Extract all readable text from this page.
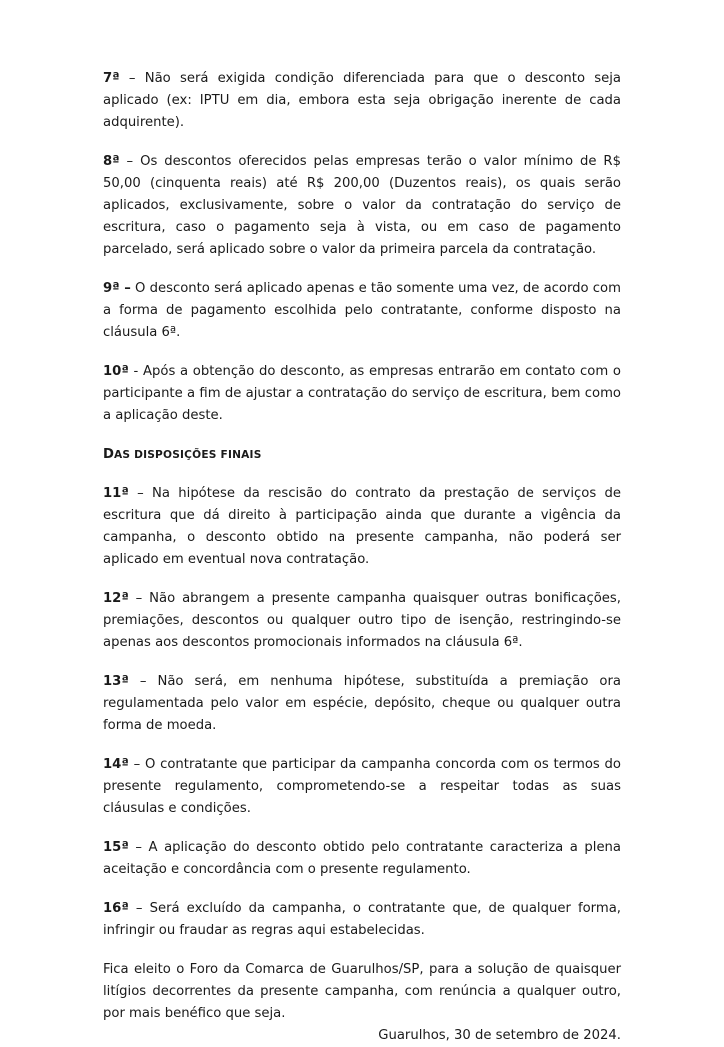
7ª – Não será exigida condição diferenciada para que o desconto seja aplicado (ex: IPTU em dia, embora esta seja obrigação inerente de cada adquirente).

8ª – Os descontos oferecidos pelas empresas terão o valor mínimo de R$ 50,00 (cinquenta reais) até R$ 200,00 (Duzentos reais), os quais serão aplicados, exclusivamente, sobre o valor da contratação do serviço de escritura, caso o pagamento seja à vista, ou em caso de pagamento parcelado, será aplicado sobre o valor da primeira parcela da contratação.

9ª – O desconto será aplicado apenas e tão somente uma vez, de acordo com a forma de pagamento escolhida pelo contratante, conforme disposto na cláusula 6ª.

10ª - Após a obtenção do desconto, as empresas entrarão em contato com o participante a fim de ajustar a contratação do serviço de escritura, bem como a aplicação deste.

DAS DISPOSIÇÕES FINAIS

11ª – Na hipótese da rescisão do contrato da prestação de serviços de escritura que dá direito à participação ainda que durante a vigência da campanha, o desconto obtido na presente campanha, não poderá ser aplicado em eventual nova contratação.

12ª – Não abrangem a presente campanha quaisquer outras bonificações, premiações, descontos ou qualquer outro tipo de isenção, restringindo-se apenas aos descontos promocionais informados na cláusula 6ª.

13ª – Não será, em nenhuma hipótese, substituída a premiação ora regulamentada pelo valor em espécie, depósito, cheque ou qualquer outra forma de moeda.

14ª – O contratante que participar da campanha concorda com os termos do presente regulamento, comprometendo-se a respeitar todas as suas cláusulas e condições.

15ª – A aplicação do desconto obtido pelo contratante caracteriza a plena aceitação e concordância com o presente regulamento.

16ª – Será excluído da campanha, o contratante que, de qualquer forma, infringir ou fraudar as regras aqui estabelecidas.

Fica eleito o Foro da Comarca de Guarulhos/SP, para a solução de quaisquer litígios decorrentes da presente campanha, com renúncia a qualquer outro, por mais benéfico que seja.

Guarulhos, 30 de setembro de 2024.
